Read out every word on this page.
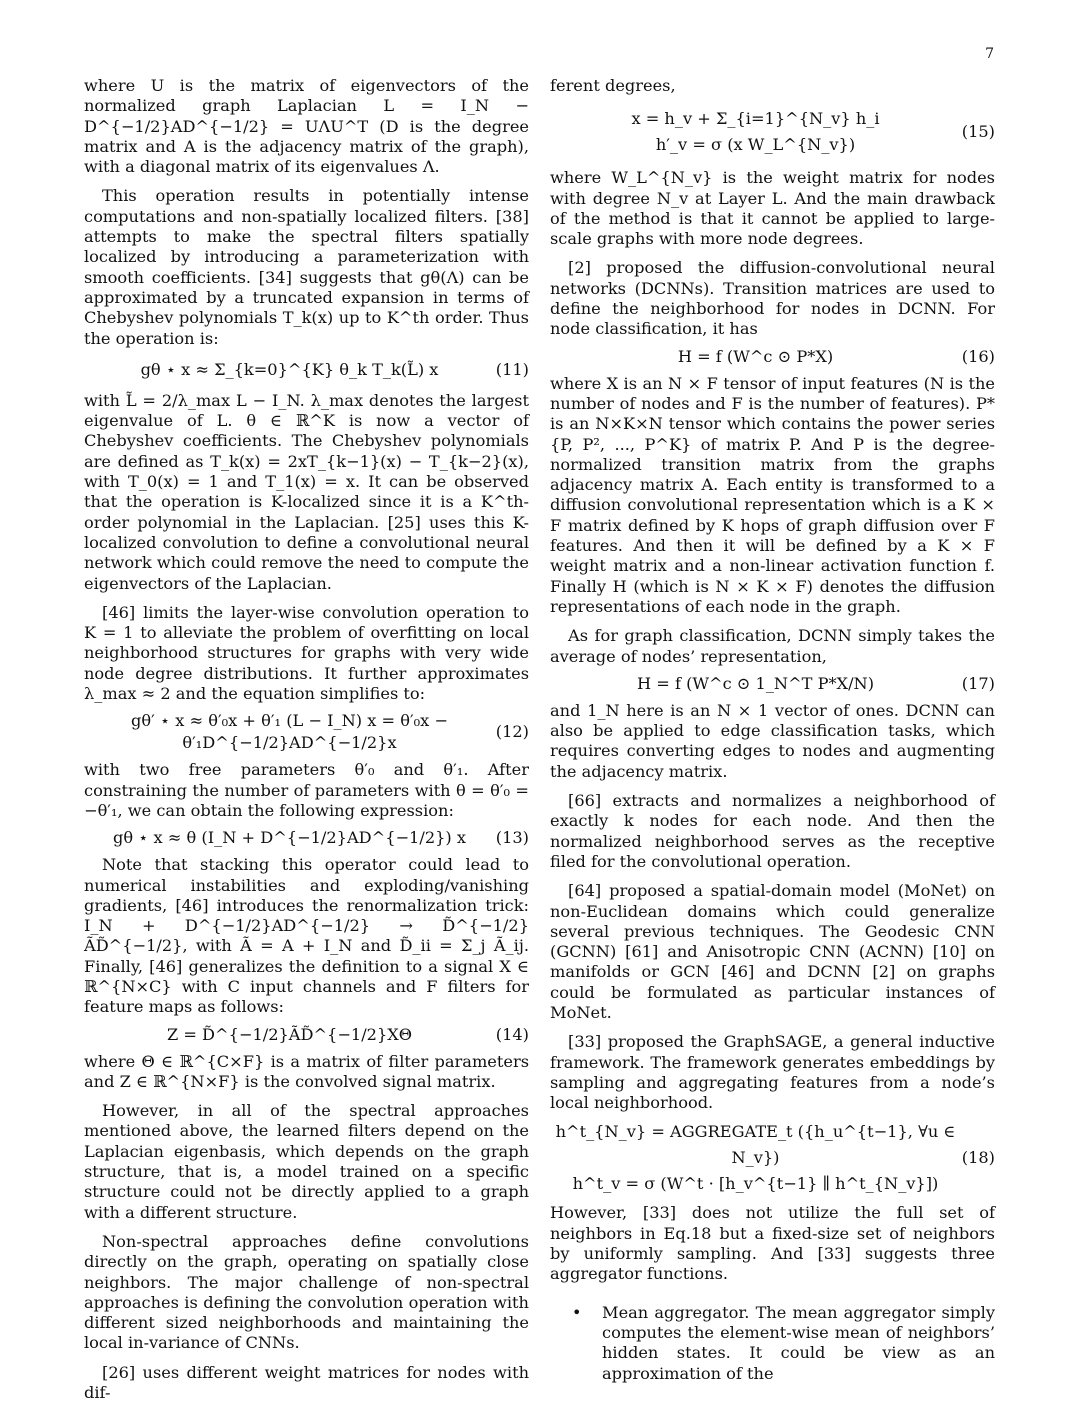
7

where U is the matrix of eigenvectors of the normalized graph Laplacian L = I_N − D^{−1/2}AD^{−1/2} = UΛU^T (D is the degree matrix and A is the adjacency matrix of the graph), with a diagonal matrix of its eigenvalues Λ.

This operation results in potentially intense computations and non-spatially localized filters. [38] attempts to make the spectral filters spatially localized by introducing a parameterization with smooth coefficients. [34] suggests that gθ(Λ) can be approximated by a truncated expansion in terms of Chebyshev polynomials T_k(x) up to K^th order. Thus the operation is:

gθ ⋆ x ≈ Σ_{k=0}^{K} θ_k T_k(L̃) x	(11)

with L̃ = 2/λ_max L − I_N. λ_max denotes the largest eigenvalue of L. θ ∈ ℝ^K is now a vector of Chebyshev coefficients. The Chebyshev polynomials are defined as T_k(x) = 2xT_{k−1}(x) − T_{k−2}(x), with T_0(x) = 1 and T_1(x) = x. It can be observed that the operation is K-localized since it is a K^th-order polynomial in the Laplacian. [25] uses this K-localized convolution to define a convolutional neural network which could remove the need to compute the eigenvectors of the Laplacian.

[46] limits the layer-wise convolution operation to K = 1 to alleviate the problem of overfitting on local neighborhood structures for graphs with very wide node degree distributions. It further approximates λ_max ≈ 2 and the equation simplifies to:

gθ′ ⋆ x ≈ θ′₀x + θ′₁ (L − I_N) x = θ′₀x − θ′₁D^{−1/2}AD^{−1/2}x
(12)

with two free parameters θ′₀ and θ′₁. After constraining the number of parameters with θ = θ′₀ = −θ′₁, we can obtain the following expression:

gθ ⋆ x ≈ θ (I_N + D^{−1/2}AD^{−1/2}) x	(13)

Note that stacking this operator could lead to numerical instabilities and exploding/vanishing gradients, [46] introduces the renormalization trick: I_N + D^{−1/2}AD^{−1/2} → D̃^{−1/2}ÃD̃^{−1/2}, with Ã = A + I_N and D̃_ii = Σ_j Ã_ij. Finally, [46] generalizes the definition to a signal X ∈ ℝ^{N×C} with C input channels and F filters for feature maps as follows:

Z = D̃^{−1/2}ÃD̃^{−1/2}XΘ	(14)

where Θ ∈ ℝ^{C×F} is a matrix of filter parameters and Z ∈ ℝ^{N×F} is the convolved signal matrix.

However, in all of the spectral approaches mentioned above, the learned filters depend on the Laplacian eigenbasis, which depends on the graph structure, that is, a model trained on a specific structure could not be directly applied to a graph with a different structure.

Non-spectral approaches define convolutions directly on the graph, operating on spatially close neighbors. The major challenge of non-spectral approaches is defining the convolution operation with different sized neighborhoods and maintaining the local in-variance of CNNs.

[26] uses different weight matrices for nodes with dif-

ferent degrees,

x = h_v + Σ_{i=1}^{N_v} h_i
h′_v = σ (x W_L^{N_v})
(15)

where W_L^{N_v} is the weight matrix for nodes with degree N_v at Layer L. And the main drawback of the method is that it cannot be applied to large-scale graphs with more node degrees.

[2] proposed the diffusion-convolutional neural networks (DCNNs). Transition matrices are used to define the neighborhood for nodes in DCNN. For node classification, it has

H = f (W^c ⊙ P*X)	(16)

where X is an N × F tensor of input features (N is the number of nodes and F is the number of features). P* is an N×K×N tensor which contains the power series {P, P², ..., P^K} of matrix P. And P is the degree-normalized transition matrix from the graphs adjacency matrix A. Each entity is transformed to a diffusion convolutional representation which is a K × F matrix defined by K hops of graph diffusion over F features. And then it will be defined by a K × F weight matrix and a non-linear activation function f. Finally H (which is N × K × F) denotes the diffusion representations of each node in the graph.

As for graph classification, DCNN simply takes the average of nodes’ representation,

H = f (W^c ⊙ 1_N^T P*X/N)	(17)

and 1_N here is an N × 1 vector of ones. DCNN can also be applied to edge classification tasks, which requires converting edges to nodes and augmenting the adjacency matrix.

[66] extracts and normalizes a neighborhood of exactly k nodes for each node. And then the normalized neighborhood serves as the receptive filed for the convolutional operation.

[64] proposed a spatial-domain model (MoNet) on non-Euclidean domains which could generalize several previous techniques. The Geodesic CNN (GCNN) [61] and Anisotropic CNN (ACNN) [10] on manifolds or GCN [46] and DCNN [2] on graphs could be formulated as particular instances of MoNet.

[33] proposed the GraphSAGE, a general inductive framework. The framework generates embeddings by sampling and aggregating features from a node’s local neighborhood.

h^t_{N_v} = AGGREGATE_t ({h_u^{t−1}, ∀u ∈ N_v})
h^t_v = σ (W^t · [h_v^{t−1} ∥ h^t_{N_v}])
(18)

However, [33] does not utilize the full set of neighbors in Eq.18 but a fixed-size set of neighbors by uniformly sampling. And [33] suggests three aggregator functions.

• Mean aggregator. The mean aggregator simply computes the element-wise mean of neighbors’ hidden states. It could be view as an approximation of the
